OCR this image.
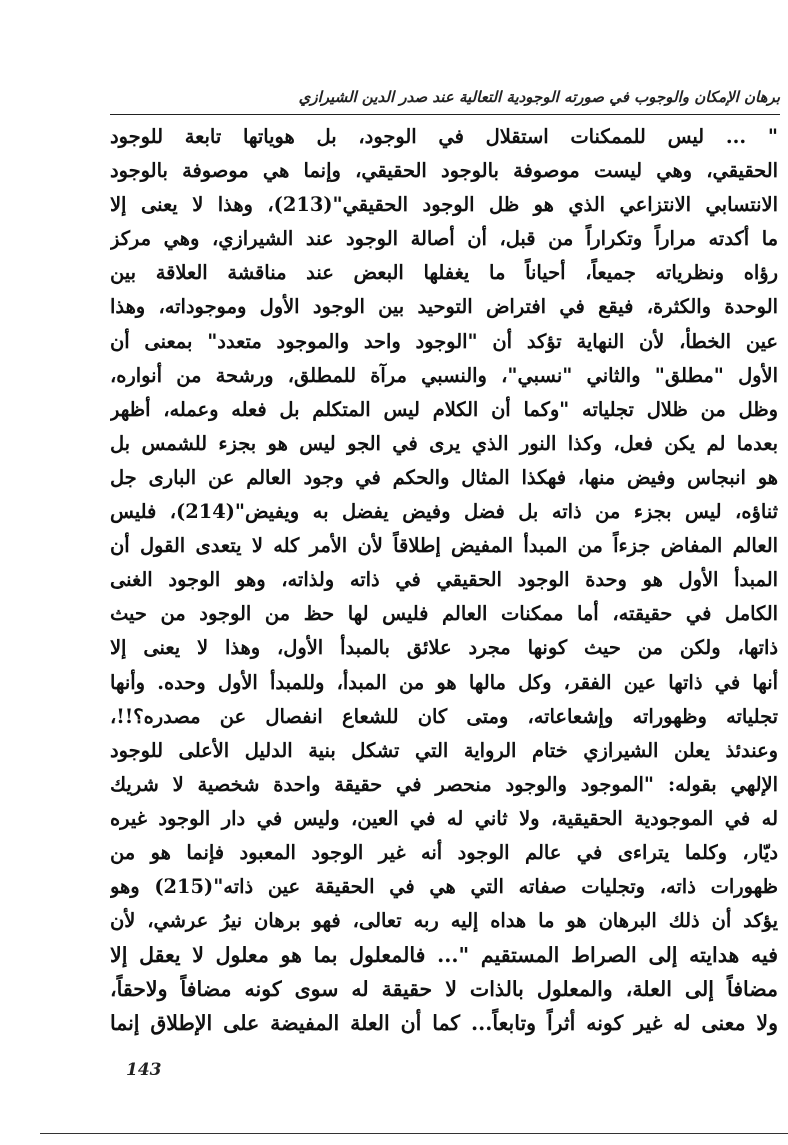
برهان الإمكان والوجوب في صورته الوجودية التعالية عند صدر الدين الشيرازي
" ... ليس للممكنات استقلال في الوجود، بل هوياتها تابعة للوجود
الحقيقي، وهي ليست موصوفة بالوجود الحقيقي، وإنما هي موصوفة بالوجود
الانتسابي الانتزاعي الذي هو ظل الوجود الحقيقي"(213)، وهذا لا يعنى إلا
ما أكدته مراراً وتكراراً من قبل، أن أصالة الوجود عند الشيرازي، وهي مركز
رؤاه ونظرياته جميعاً، أحياناً ما يغفلها البعض عند مناقشة العلاقة بين
الوحدة والكثرة، فيقع في افتراض التوحيد بين الوجود الأول وموجوداته، وهذا
عين الخطأ، لأن النهاية تؤكد أن "الوجود واحد والموجود متعدد" بمعنى أن
الأول "مطلق" والثاني "نسبي"، والنسبي مرآة للمطلق، ورشحة من أنواره،
وظل من ظلال تجلياته "وكما أن الكلام ليس المتكلم بل فعله وعمله، أظهر
بعدما لم يكن فعل، وكذا النور الذي يرى في الجو ليس هو بجزء للشمس بل
هو انبجاس وفيض منها، فهكذا المثال والحكم في وجود العالم عن البارى جل
ثناؤه، ليس بجزء من ذاته بل فضل وفيض يفضل به ويفيض"(214)، فليس
العالم المفاض جزءاً من المبدأ المفيض إطلاقاً لأن الأمر كله لا يتعدى القول أن
المبدأ الأول هو وحدة الوجود الحقيقي في ذاته ولذاته، وهو الوجود الغنى
الكامل في حقيقته، أما ممكنات العالم فليس لها حظ من الوجود من حيث
ذاتها، ولكن من حيث كونها مجرد علائق بالمبدأ الأول، وهذا لا يعنى إلا
أنها في ذاتها عين الفقر، وكل مالها هو من المبدأ، وللمبدأ الأول وحده. وأنها
تجلياته وظهوراته وإشعاعاته، ومتى كان للشعاع انفصال عن مصدره؟!!،
وعندئذ يعلن الشيرازي ختام الرواية التي تشكل بنية الدليل الأعلى للوجود
الإلهي بقوله: "الموجود والوجود منحصر في حقيقة واحدة شخصية لا شريك
له في الموجودية الحقيقية، ولا ثاني له في العين، وليس في دار الوجود غيره
ديّار، وكلما يتراءى في عالم الوجود أنه غير الوجود المعبود فإنما هو من
ظهورات ذاته، وتجليات صفاته التي هي في الحقيقة عين ذاته"(215) وهو
يؤكد أن ذلك البرهان هو ما هداه إليه ربه تعالى، فهو برهان نيرُ عرشي، لأن
فيه هدايته إلى الصراط المستقيم "... فالمعلول بما هو معلول لا يعقل إلا
مضافاً إلى العلة، والمعلول بالذات لا حقيقة له سوى كونه مضافاً ولاحقاً،
ولا معنى له غير كونه أثراً وتابعاً... كما أن العلة المفيضة على الإطلاق إنما
143
